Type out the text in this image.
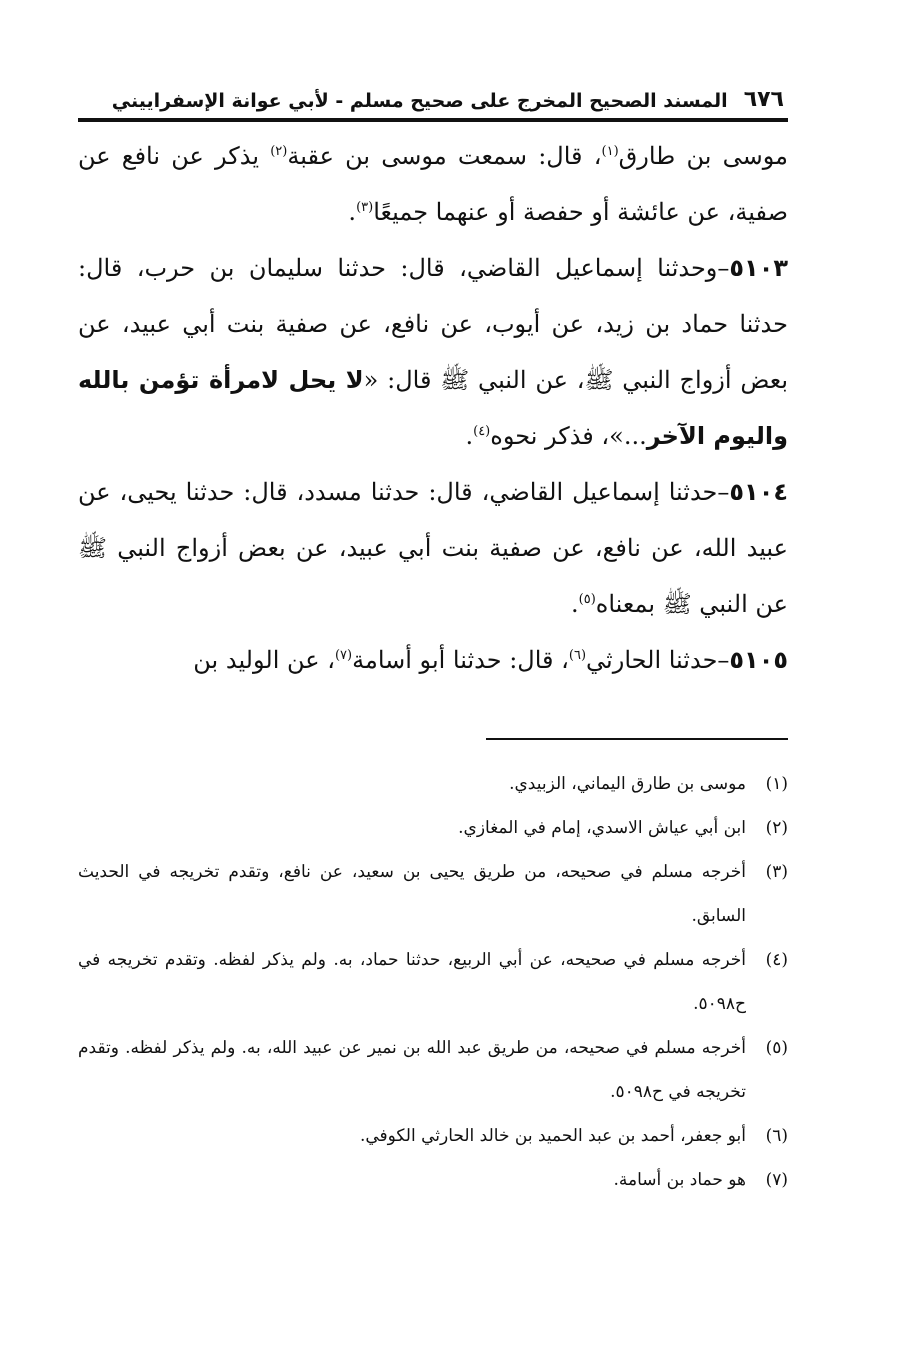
٦٧٦
المسند الصحيح المخرج على صحيح مسلم - لأبي عوانة الإسفراييني

موسى بن طارق$^{(١)}$، قال: سمعت موسى بن عقبة$^{(٢)}$ يذكر عن نافع عن صفية، عن عائشة أو حفصة أو عنهما جميعًا$^{(٣)}$.

٥١٠٣–وحدثنا إسماعيل القاضي، قال: حدثنا سليمان بن حرب، قال: حدثنا حماد بن زيد، عن أيوب، عن نافع، عن صفية بنت أبي عبيد، عن بعض أزواج النبي ﷺ، عن النبي ﷺ قال: «لا يحل لامرأة تؤمن بالله واليوم الآخر...»، فذكر نحوه$^{(٤)}$.

٥١٠٤–حدثنا إسماعيل القاضي، قال: حدثنا مسدد، قال: حدثنا يحيى، عن عبيد الله، عن نافع، عن صفية بنت أبي عبيد، عن بعض أزواج النبي ﷺ عن النبي ﷺ بمعناه$^{(٥)}$.

٥١٠٥–حدثنا الحارثي$^{(٦)}$، قال: حدثنا أبو أسامة$^{(٧)}$، عن الوليد بن

(١)
موسى بن طارق اليماني، الزبيدي.
(٢)
ابن أبي عياش الاسدي، إمام في المغازي.
(٣)
أخرجه مسلم في صحيحه، من طريق يحيى بن سعيد، عن نافع، وتقدم تخريجه في الحديث السابق.
(٤)
أخرجه مسلم في صحيحه، عن أبي الربيع، حدثنا حماد، به. ولم يذكر لفظه. وتقدم تخريجه في ح٥٠٩٨.
(٥)
أخرجه مسلم في صحيحه، من طريق عبد الله بن نمير عن عبيد الله، به. ولم يذكر لفظه. وتقدم تخريجه في ح٥٠٩٨.
(٦)
أبو جعفر، أحمد بن عبد الحميد بن خالد الحارثي الكوفي.
(٧)
هو حماد بن أسامة.
